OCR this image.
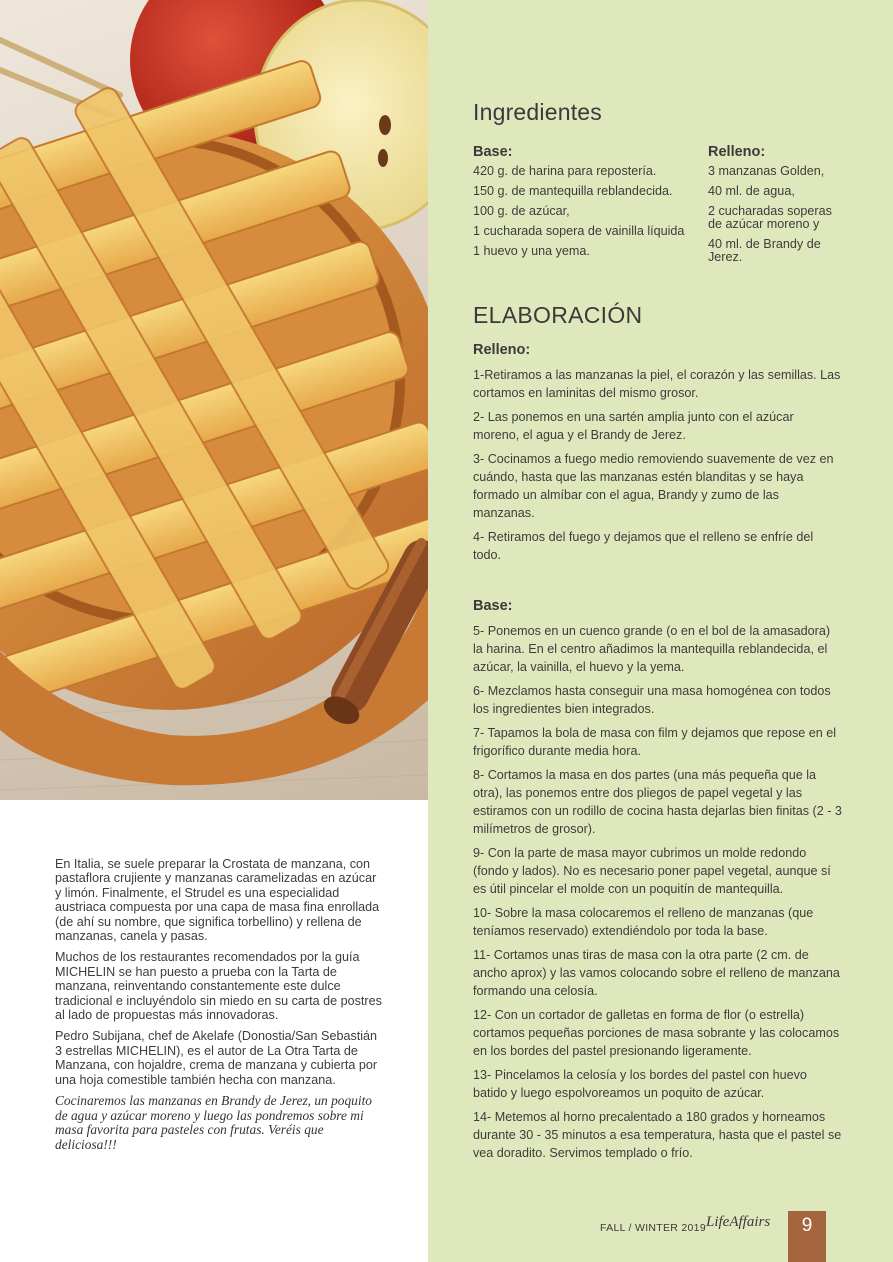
En Italia, se suele preparar la Crostata de manzana, con pastaflora crujiente y manzanas caramelizadas en azúcar y limón. Finalmente, el Strudel es una especialidad austriaca compuesta por una capa de masa fina enrollada (de ahí su nombre, que significa torbellino) y rellena de manzanas, canela y pasas.

Muchos de los restaurantes recomendados por la guía MICHELIN se han puesto a prueba con la Tarta de manzana, reinventando constantemente este dulce tradicional e incluyéndolo sin miedo en su carta de postres al lado de propuestas más innovadoras.

Pedro Subijana, chef de Akelafe (Donostia/San Sebastián 3 estrellas MICHELIN), es el autor de La Otra Tarta de Manzana, con hojaldre, crema de manzana y cubierta por una hoja comestible también hecha con manzana.

Cocinaremos las manzanas en Brandy de Jerez, un poquito de agua y azúcar moreno y luego las pondremos sobre mi masa favorita para pasteles con frutas. Veréis que deliciosa!!!

Ingredientes
Base:
420 g. de harina para repostería.
150 g. de mantequilla reblandecida.
100 g. de azúcar,
1 cucharada sopera de vainilla líquida
1 huevo y una yema.
Relleno:
3 manzanas Golden,
40 ml. de agua,
2 cucharadas soperas de azúcar moreno y
40 ml. de Brandy de Jerez.
ELABORACIÓN
Relleno:
1-Retiramos a las manzanas la piel, el corazón y las semillas. Las cortamos en laminitas del mismo grosor.
2- Las ponemos en una sartén amplia junto con el azúcar moreno, el agua y el Brandy de Jerez.
3- Cocinamos a fuego medio removiendo suavemente de vez en cuándo, hasta que las manzanas estén blanditas y se haya formado un almíbar con el agua, Brandy y zumo de las manzanas.
4- Retiramos del fuego y dejamos que el relleno se enfríe del todo.
Base:
5- Ponemos en un cuenco grande (o en el bol de la amasadora) la harina. En el centro añadimos la mantequilla reblandecida, el azúcar, la vainilla, el huevo y la yema.
6- Mezclamos hasta conseguir una masa homogénea con todos los ingredientes bien integrados.
7- Tapamos la bola de masa con film y dejamos que repose en el frigorífico durante media hora.
8- Cortamos la masa en dos partes (una más pequeña que la otra), las ponemos entre dos pliegos de papel vegetal y las estiramos con un rodillo de cocina hasta dejarlas bien finitas (2 - 3 milímetros de grosor).
9- Con la parte de masa mayor cubrimos un molde redondo (fondo y lados). No es necesario poner papel vegetal, aunque sí es útil pincelar el molde con un poquitín de mantequilla.
10- Sobre la masa colocaremos el relleno de manzanas (que teníamos reservado) extendiéndolo por toda la base.
11- Cortamos unas tiras de masa con la otra parte (2 cm. de ancho aprox) y las vamos colocando sobre el relleno de manzana formando una celosía.
12- Con un cortador de galletas en forma de flor (o estrella) cortamos pequeñas porciones de masa sobrante y las colocamos en los bordes del pastel presionando ligeramente.
13- Pincelamos la celosía y los bordes del pastel con huevo batido y luego espolvoreamos un poquito de azúcar.
14- Metemos al horno precalentado a 180 grados y horneamos durante 30 - 35 minutos a esa temperatura, hasta que el pastel se vea doradito. Servimos templado o frío.
FALL / WINTER 2019 LifeAffairs	9
